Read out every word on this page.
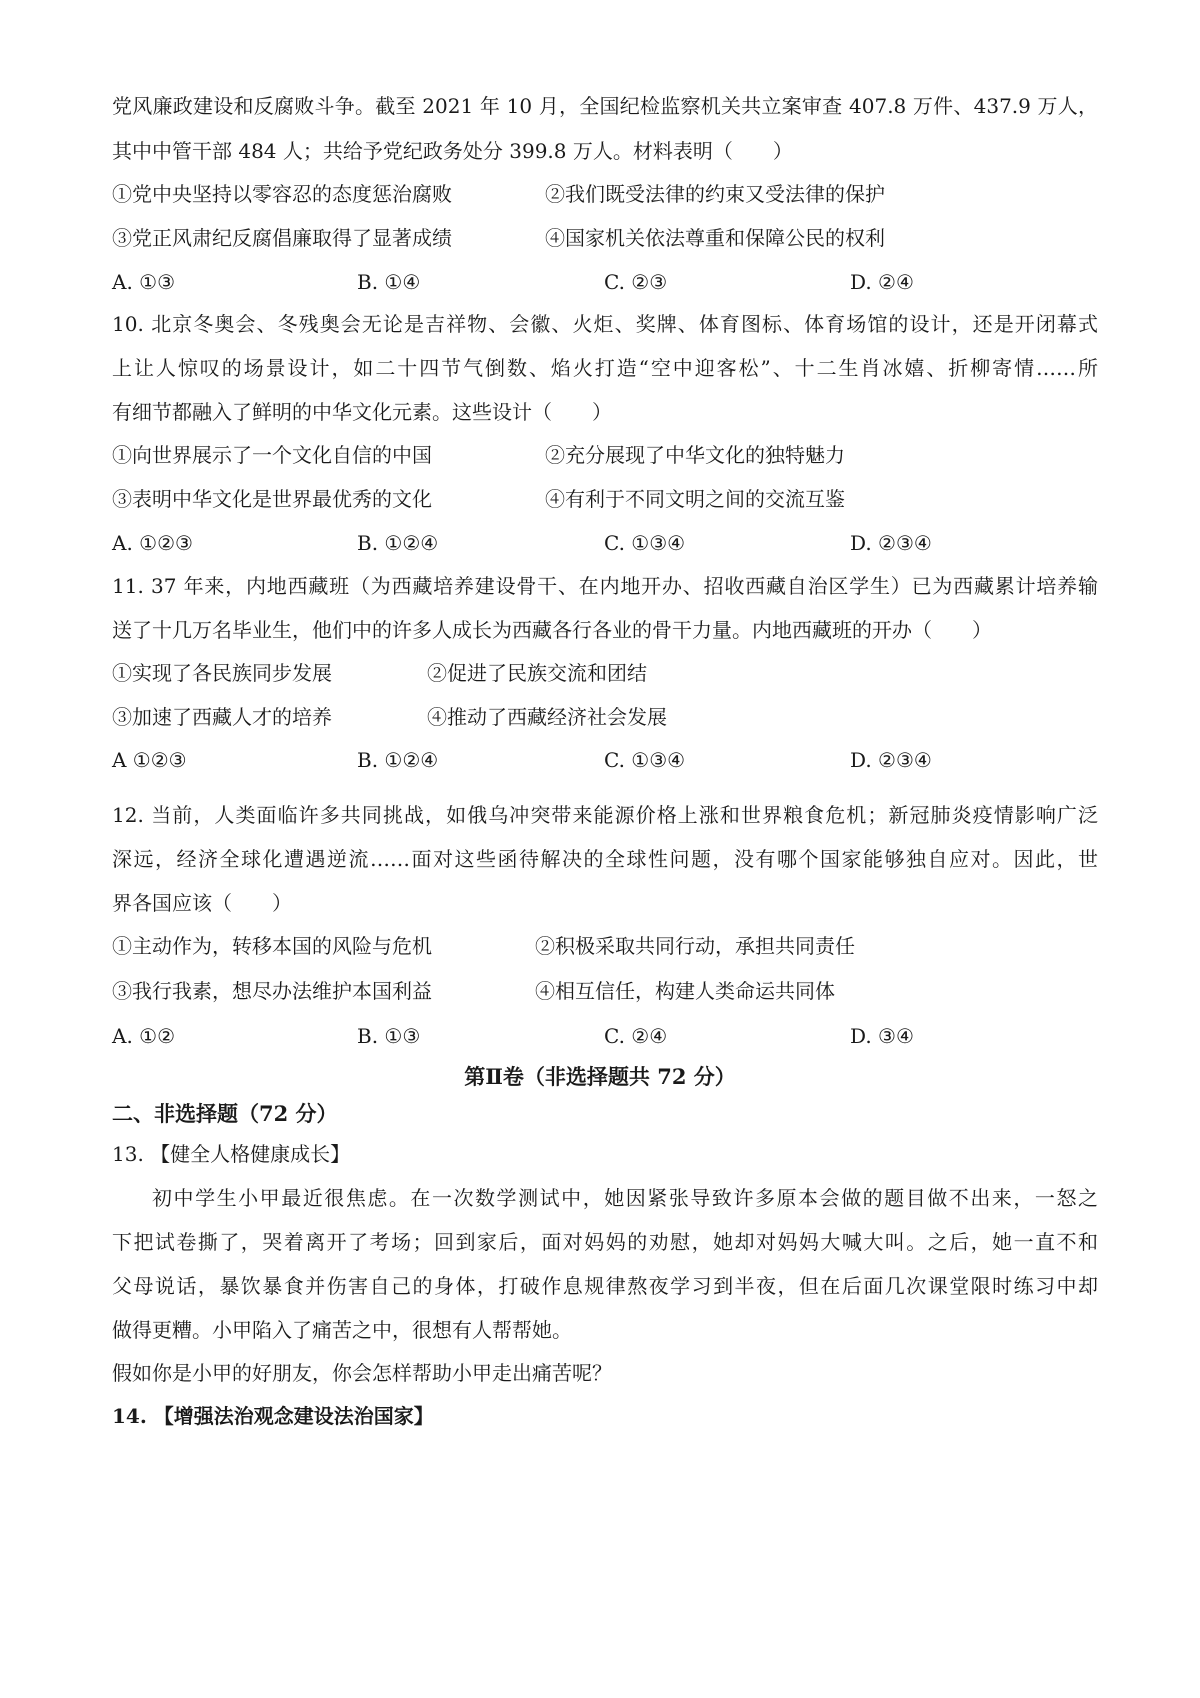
党风廉政建设和反腐败斗争。截至 2021 年 10 月，全国纪检监察机关共立案审查 407.8 万件、437.9 万人，

其中中管干部 484 人；共给予党纪政务处分 399.8 万人。材料表明（　　）

①党中央坚持以零容忍的态度惩治腐败	②我们既受法律的约束又受法律的保护

③党正风肃纪反腐倡廉取得了显著成绩	④国家机关依法尊重和保障公民的权利

A. ①③	B. ①④	C. ②③	D. ②④

10. 北京冬奥会、冬残奥会无论是吉祥物、会徽、火炬、奖牌、体育图标、体育场馆的设计，还是开闭幕式

上让人惊叹的场景设计，如二十四节气倒数、焰火打造“空中迎客松”、十二生肖冰嬉、折柳寄情……所

有细节都融入了鲜明的中华文化元素。这些设计（　　）

①向世界展示了一个文化自信的中国	②充分展现了中华文化的独特魅力

③表明中华文化是世界最优秀的文化	④有利于不同文明之间的交流互鉴

A. ①②③	B. ①②④	C. ①③④	D. ②③④

11. 37 年来，内地西藏班（为西藏培养建设骨干、在内地开办、招收西藏自治区学生）已为西藏累计培养输

送了十几万名毕业生，他们中的许多人成长为西藏各行各业的骨干力量。内地西藏班的开办（　　）

①实现了各民族同步发展	②促进了民族交流和团结

③加速了西藏人才的培养	④推动了西藏经济社会发展

A ①②③	B. ①②④	C. ①③④	D. ②③④

12. 当前，人类面临许多共同挑战，如俄乌冲突带来能源价格上涨和世界粮食危机；新冠肺炎疫情影响广泛

深远，经济全球化遭遇逆流……面对这些函待解决的全球性问题，没有哪个国家能够独自应对。因此，世

界各国应该（　　）

①主动作为，转移本国的风险与危机	②积极采取共同行动，承担共同责任

③我行我素，想尽办法维护本国利益	④相互信任，构建人类命运共同体

A. ①②	B. ①③	C. ②④	D. ③④

第Ⅱ卷（非选择题共 72 分）

二、非选择题（72 分）

13. 【健全人格健康成长】

初中学生小甲最近很焦虑。在一次数学测试中，她因紧张导致许多原本会做的题目做不出来，一怒之

下把试卷撕了，哭着离开了考场；回到家后，面对妈妈的劝慰，她却对妈妈大喊大叫。之后，她一直不和

父母说话，暴饮暴食并伤害自己的身体，打破作息规律熬夜学习到半夜，但在后面几次课堂限时练习中却

做得更糟。小甲陷入了痛苦之中，很想有人帮帮她。

假如你是小甲的好朋友，你会怎样帮助小甲走出痛苦呢？

14. 【增强法治观念建设法治国家】
